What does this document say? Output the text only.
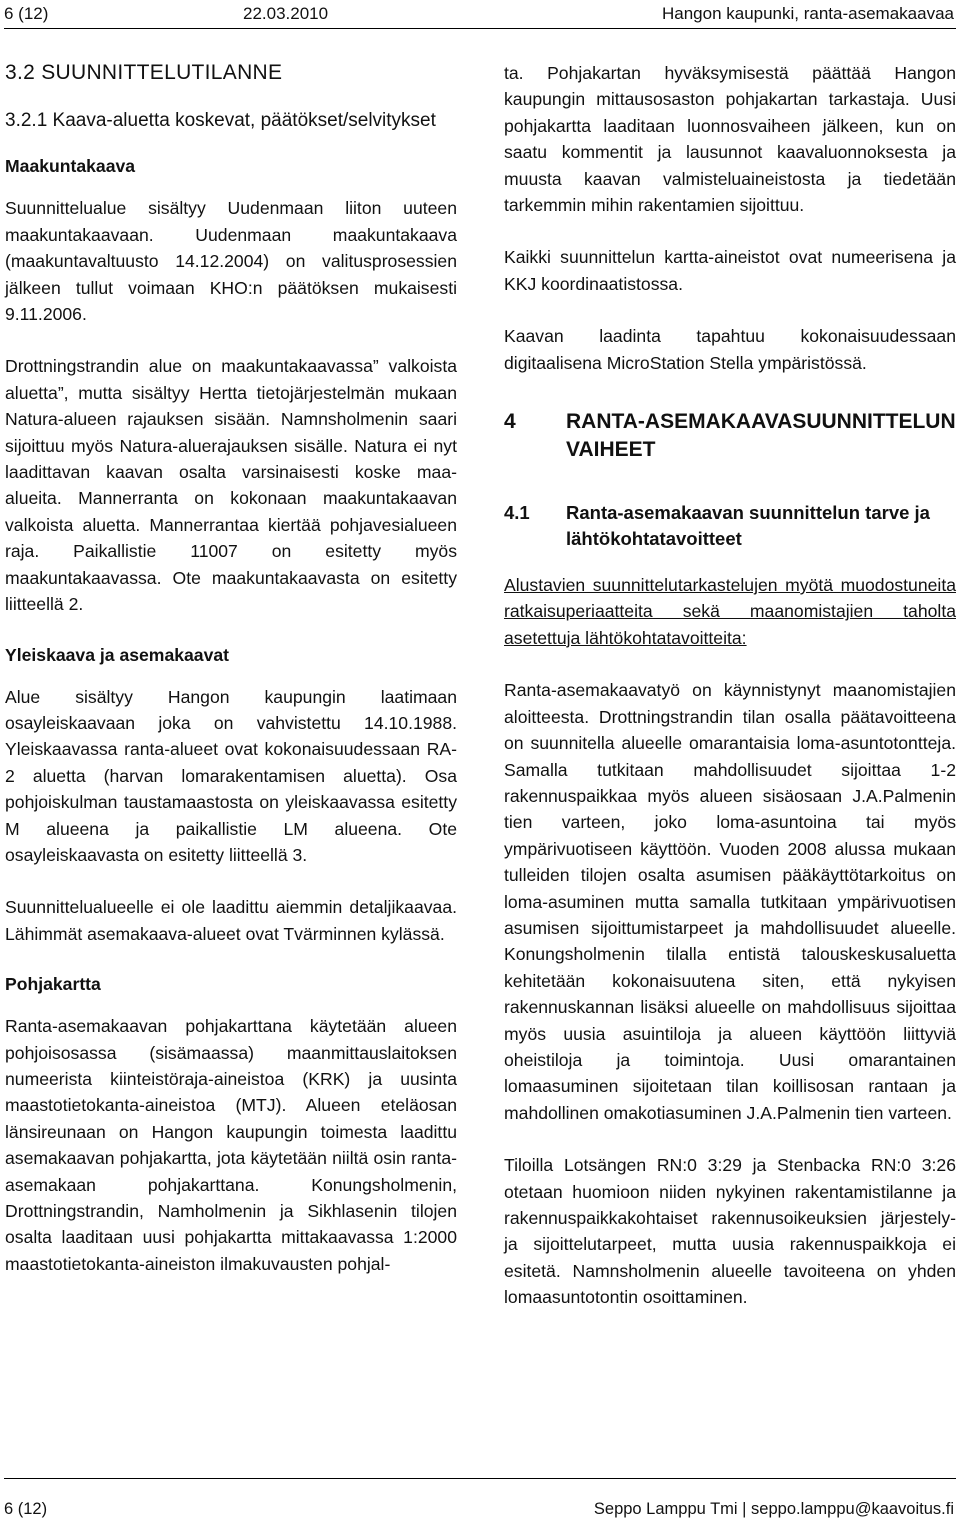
6 (12)	22.03.2010	Hangon kaupunki, ranta-asemakaavaa
3.2 SUUNNITTELUTILANNE
3.2.1 Kaava-aluetta koskevat, päätökset/selvitykset
Maakuntakaava

Suunnittelualue sisältyy Uudenmaan liiton uuteen maakuntakaavaan. Uudenmaan maakuntakaava (maakuntavaltuusto 14.12.2004) on valitusprosessien jälkeen tullut voimaan KHO:n päätöksen mukaisesti 9.11.2006.

Drottningstrandin alue on maakuntakaavassa” valkoista aluetta”, mutta sisältyy Hertta tietojärjestelmän mukaan Natura-alueen rajauksen sisään. Namnsholmenin saari sijoittuu myös Natura-aluerajauksen sisälle. Natura ei nyt laadittavan kaavan osalta varsinaisesti koske maa-alueita. Mannerranta on kokonaan maakuntakaavan valkoista aluetta. Mannerrantaa kiertää pohjavesialueen raja. Paikallistie 11007 on esitetty myös maakuntakaavassa. Ote maakuntakaavasta on esitetty liitteellä 2.

Yleiskaava ja asemakaavat

Alue sisältyy Hangon kaupungin laatimaan osayleiskaavaan joka on vahvistettu 14.10.1988. Yleiskaavassa ranta-alueet ovat kokonaisuudessaan RA-2 aluetta (harvan lomarakentamisen aluetta). Osa pohjoiskulman taustamaastosta on yleiskaavassa esitetty M alueena ja paikallistie LM alueena. Ote osayleiskaavasta on esitetty liitteellä 3.

Suunnittelualueelle ei ole laadittu aiemmin detaljikaavaa. Lähimmät asemakaava-alueet ovat Tvärminnen kylässä.

Pohjakartta

Ranta-asemakaavan pohjakarttana käytetään alueen pohjoisosassa (sisämaassa) maanmittauslaitoksen numeerista kiinteistöraja-aineistoa (KRK) ja uusinta maastotietokanta-aineistoa (MTJ). Alueen eteläosan länsireunaan on Hangon kaupungin toimesta laadittu asemakaavan pohjakartta, jota käytetään niiltä osin ranta-asemakaan pohjakarttana. Konungsholmenin, Drottningstrandin, Namholmenin ja Sikhlasenin tilojen osalta laaditaan uusi pohjakartta mittakaavassa 1:2000 maastotietokanta-aineiston ilmakuvausten pohjal-

ta. Pohjakartan hyväksymisestä päättää Hangon kaupungin mittausosaston pohjakartan tarkastaja. Uusi pohjakartta laaditaan luonnosvaiheen jälkeen, kun on saatu kommentit ja lausunnot kaavaluonnoksesta ja muusta kaavan valmisteluaineistosta ja tiedetään tarkemmin mihin rakentamien sijoittuu.

Kaikki suunnittelun kartta-aineistot ovat numeerisena ja KKJ koordinaatistossa.

Kaavan laadinta tapahtuu kokonaisuudessaan digitaalisena MicroStation Stella ympäristössä.

4	RANTA-ASEMAKAAVASUUNNITTELUN VAIHEET
4.1	Ranta-asemakaavan suunnittelun tarve ja lähtökohtatavoitteet

Alustavien suunnittelutarkastelujen myötä muodostuneita ratkaisuperiaatteita sekä maanomistajien taholta asetettuja lähtökohtatavoitteita:

Ranta-asemakaavatyö on käynnistynyt maanomistajien aloitteesta. Drottningstrandin tilan osalla päätavoitteena on suunnitella alueelle omarantaisia loma-asuntotontteja. Samalla tutkitaan mahdollisuudet sijoittaa 1-2 rakennuspaikkaa myös alueen sisäosaan J.A.Palmenin tien varteen, joko loma-asuntoina tai myös ympärivuotiseen käyttöön. Vuoden 2008 alussa mukaan tulleiden tilojen osalta asumisen pääkäyttötarkoitus on loma-asuminen mutta samalla tutkitaan ympärivuotisen asumisen sijoittumistarpeet ja mahdollisuudet alueelle. Konungsholmenin tilalla entistä talouskeskusaluetta kehitetään kokonaisuutena siten, että nykyisen rakennuskannan lisäksi alueelle on mahdollisuus sijoittaa myös uusia asuintiloja ja alueen käyttöön liittyviä oheistiloja ja toimintoja. Uusi omarantainen lomaasuminen sijoitetaan tilan koillisosan rantaan ja mahdollinen omakotiasuminen J.A.Palmenin tien varteen.

Tiloilla Lotsängen RN:0 3:29 ja Stenbacka RN:0 3:26 otetaan huomioon niiden nykyinen rakentamistilanne ja rakennuspaikkakohtaiset rakennusoikeuksien järjestely- ja sijoittelutarpeet, mutta uusia rakennuspaikkoja ei esitetä. Namnsholmenin alueelle tavoiteena on yhden lomaasuntotontin osoittaminen.

6 (12)	Seppo Lamppu Tmi | seppo.lamppu@kaavoitus.fi
